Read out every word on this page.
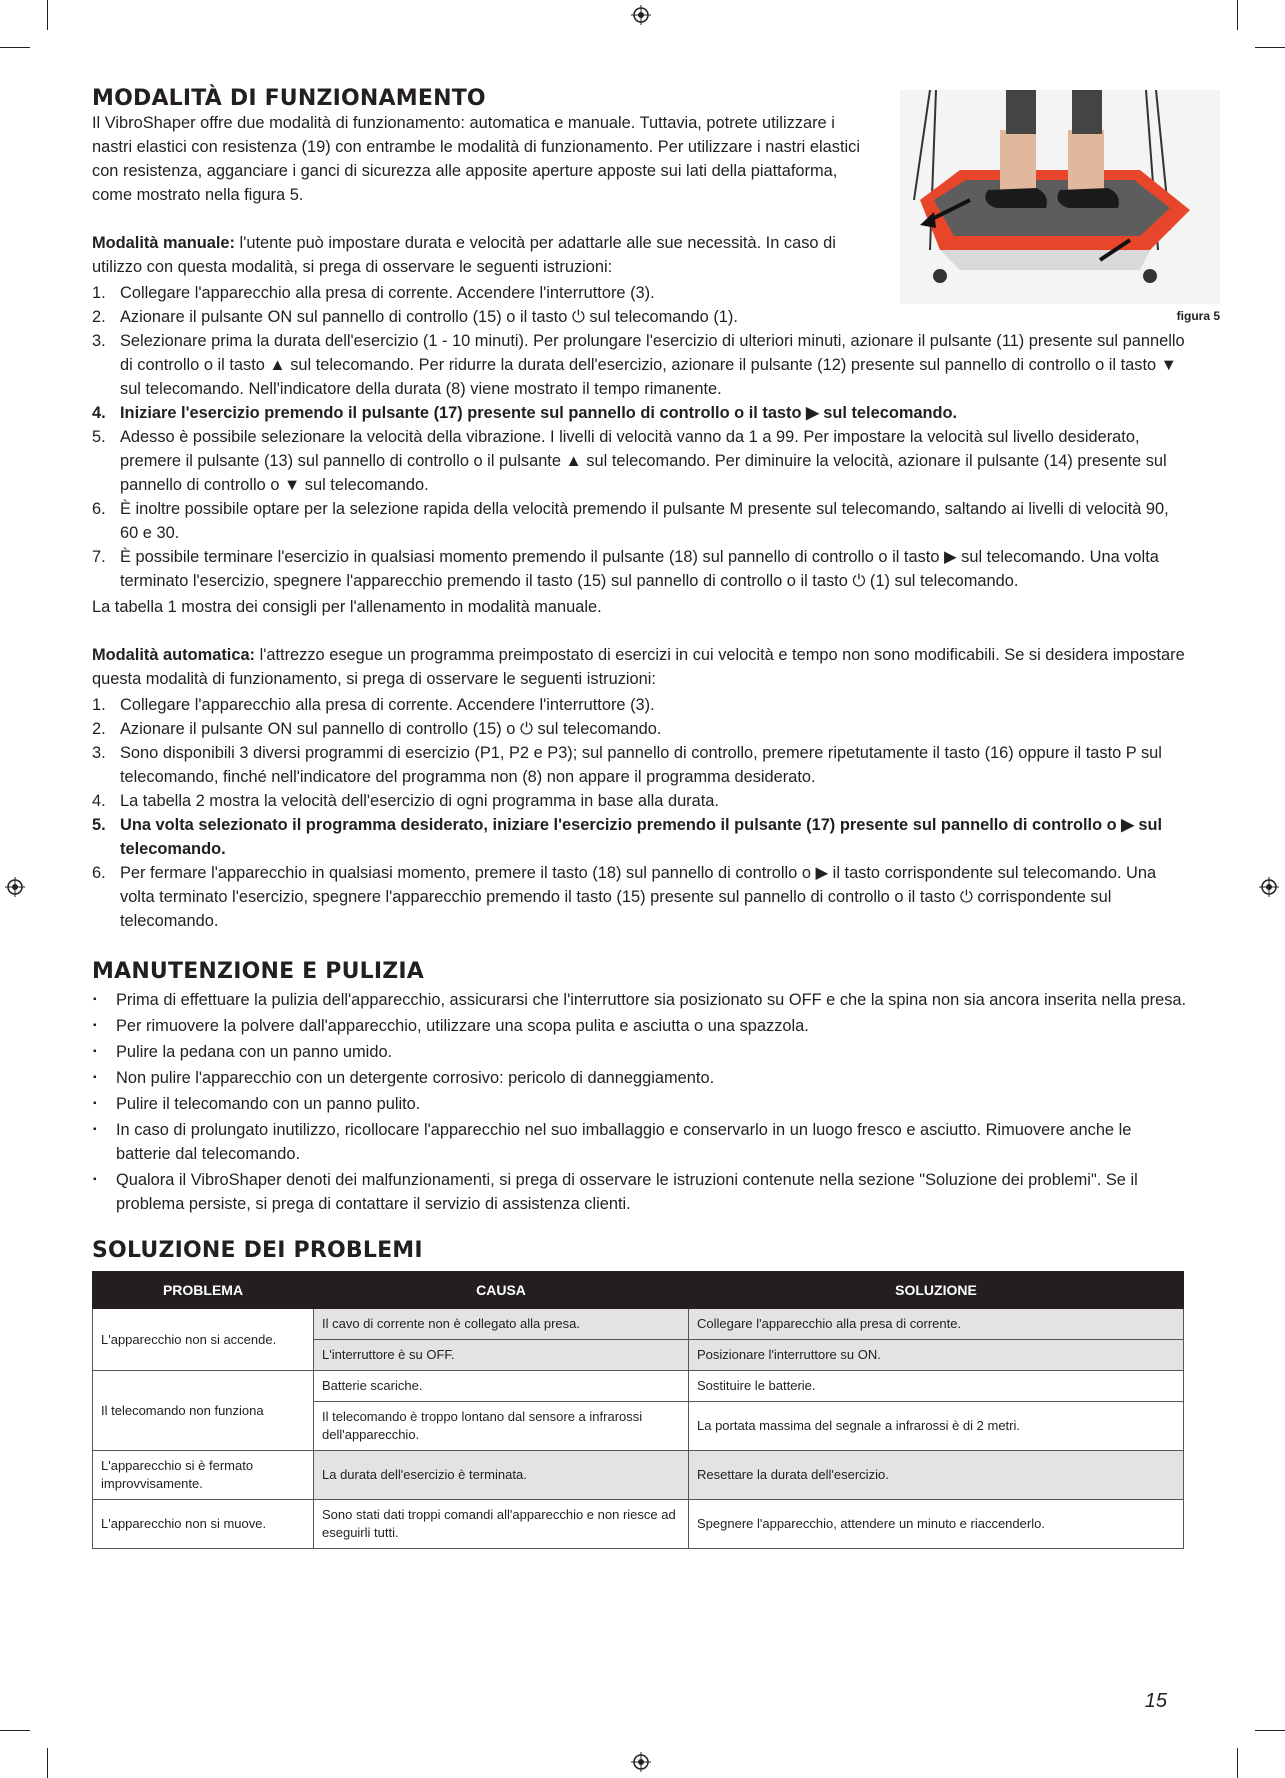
figura 5
MODALITÀ DI FUNZIONAMENTO

Il VibroShaper offre due modalità di funzionamento: automatica e manuale. Tuttavia, potrete utilizzare i nastri elastici con resistenza (19) con entrambe le modalità di funzionamento. Per utilizzare i nastri elastici con resistenza, agganciare i ganci di sicurezza alle apposite aperture apposte sui lati della piattaforma, come mostrato nella figura 5.

Modalità manuale: l'utente può impostare durata e velocità per adattarle alle sue necessità. In caso di utilizzo con questa modalità, si prega di osservare le seguenti istruzioni:

1. Collegare l'apparecchio alla presa di corrente. Accendere l'interruttore (3).
2. Azionare il pulsante ON sul pannello di controllo (15) o il tasto ⏻ sul telecomando (1).
3. Selezionare prima la durata dell'esercizio (1 - 10 minuti). Per prolungare l'esercizio di ulteriori minuti, azionare il pulsante (11) presente sul pannello di controllo o il tasto ▲ sul telecomando. Per ridurre la durata dell'esercizio, azionare il pulsante (12) presente sul pannello di controllo o il tasto ▼ sul telecomando. Nell'indicatore della durata (8) viene mostrato il tempo rimanente.
4. Iniziare l'esercizio premendo il pulsante (17) presente sul pannello di controllo o il tasto ▶ sul telecomando.
5. Adesso è possibile selezionare la velocità della vibrazione. I livelli di velocità vanno da 1 a 99. Per impostare la velocità sul livello desiderato, premere il pulsante (13) sul pannello di controllo o il pulsante ▲ sul telecomando. Per diminuire la velocità, azionare il pulsante (14) presente sul pannello di controllo o ▼ sul telecomando.
6. È inoltre possibile optare per la selezione rapida della velocità premendo il pulsante M presente sul telecomando, saltando ai livelli di velocità 90, 60 e 30.
7. È possibile terminare l'esercizio in qualsiasi momento premendo il pulsante (18) sul pannello di controllo o il tasto ▶ sul telecomando. Una volta terminato l'esercizio, spegnere l'apparecchio premendo il tasto (15) sul pannello di controllo o il tasto ⏻ (1) sul telecomando.

La tabella 1 mostra dei consigli per l'allenamento in modalità manuale.

Modalità automatica: l'attrezzo esegue un programma preimpostato di esercizi in cui velocità e tempo non sono modificabili. Se si desidera impostare questa modalità di funzionamento, si prega di osservare le seguenti istruzioni:

1. Collegare l'apparecchio alla presa di corrente. Accendere l'interruttore (3).
2. Azionare il pulsante ON sul pannello di controllo (15) o ⏻ sul telecomando.
3. Sono disponibili 3 diversi programmi di esercizio (P1, P2 e P3); sul pannello di controllo, premere ripetutamente il tasto (16) oppure il tasto P sul telecomando, finché nell'indicatore del programma non (8) non appare il programma desiderato.
4. La tabella 2 mostra la velocità dell'esercizio di ogni programma in base alla durata.
5. Una volta selezionato il programma desiderato, iniziare l'esercizio premendo il pulsante (17) presente sul pannello di controllo o ▶ sul telecomando.
6. Per fermare l'apparecchio in qualsiasi momento, premere il tasto (18) sul pannello di controllo o ▶ il tasto corrispondente sul telecomando. Una volta terminato l'esercizio, spegnere l'apparecchio premendo il tasto (15) presente sul pannello di controllo o il tasto ⏻ corrispondente sul telecomando.
MANUTENZIONE E PULIZIA
▪ Prima di effettuare la pulizia dell'apparecchio, assicurarsi che l'interruttore sia posizionato su OFF e che la spina non sia ancora inserita nella presa.
▪ Per rimuovere la polvere dall'apparecchio, utilizzare una scopa pulita e asciutta o una spazzola.
▪ Pulire la pedana con un panno umido.
▪ Non pulire l'apparecchio con un detergente corrosivo: pericolo di danneggiamento.
▪ Pulire il telecomando con un panno pulito.
▪ In caso di prolungato inutilizzo, ricollocare l'apparecchio nel suo imballaggio e conservarlo in un luogo fresco e asciutto. Rimuovere anche le batterie dal telecomando.
▪ Qualora il VibroShaper denoti dei malfunzionamenti, si prega di osservare le istruzioni contenute nella sezione "Soluzione dei problemi". Se il problema persiste, si prega di contattare il servizio di assistenza clienti.
SOLUZIONE DEI PROBLEMI
PROBLEMA	CAUSA	SOLUZIONE
L'apparecchio non si accende.	Il cavo di corrente non è collegato alla presa.	Collegare l'apparecchio alla presa di corrente.
	L'interruttore è su OFF.	Posizionare l'interruttore su ON.
Il telecomando non funziona	Batterie scariche.	Sostituire le batterie.
	Il telecomando è troppo lontano dal sensore a infrarossi dell'apparecchio.	La portata massima del segnale a infrarossi è di 2 metri.
L'apparecchio si è fermato improvvisamente.	La durata dell'esercizio è terminata.	Resettare la durata dell'esercizio.
L'apparecchio non si muove.	Sono stati dati troppi comandi all'apparecchio e non riesce ad eseguirli tutti.	Spegnere l'apparecchio, attendere un minuto e riaccenderlo.
15
